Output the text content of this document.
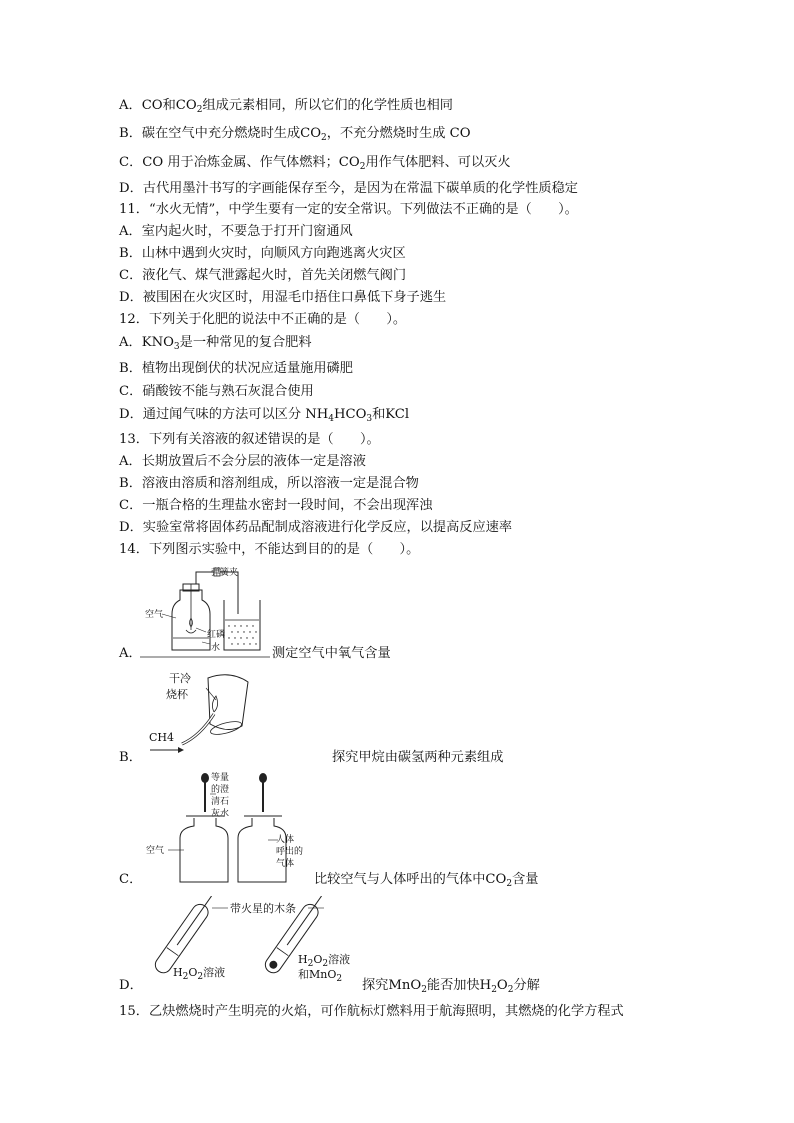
A．CO和$CO_2$组成元素相同，所以它们的化学性质也相同
B．碳在空气中充分燃烧时生成$CO_2$，不充分燃烧时生成 CO
C．CO 用于冶炼金属、作气体燃料；$CO_2$用作气体肥料、可以灭火
D．古代用墨汁书写的字画能保存至今，是因为在常温下碳单质的化学性质稳定
11．“水火无情”，中学生要有一定的安全常识。下列做法不正确的是（　　）。
A．室内起火时，不要急于打开门窗通风
B．山林中遇到火灾时，向顺风方向跑逃离火灾区
C．液化气、煤气泄露起火时，首先关闭燃气阀门
D．被围困在火灾区时，用湿毛巾捂住口鼻低下身子逃生
12．下列关于化肥的说法中不正确的是（　　）。
A．$KNO_3$是一种常见的复合肥料
B．植物出现倒伏的状况应适量施用磷肥
C．硝酸铵不能与熟石灰混合使用
D．通过闻气味的方法可以区分 $NH_4HCO_3$和KCl
13．下列有关溶液的叙述错误的是（　　）。
A．长期放置后不会分层的液体一定是溶液
B．溶液由溶质和溶剂组成，所以溶液一定是混合物
C．一瓶合格的生理盐水密封一段时间，不会出现浑浊
D．实验室常将固体药品配制成溶液进行化学反应，以提高反应速率
14．下列图示实验中，不能达到目的的是（　　）。
A．
弹簧夹
空气
红磷
水	测定空气中氧气含量
B．
干冷
烧杯
CH4
探究甲烷由碳氢两种元素组成
C．
等量
的澄
清石
灰水
空气
人体
呼出的
气体
比较空气与人体呼出的气体中$CO_2$含量
D．
带火星的木条
$H_2O_2$溶液
$H_2O_2$溶液
和MnO$_2$	探究MnO$_2$能否加快$H_2O_2$分解
15．乙炔燃烧时产生明亮的火焰，可作航标灯燃料用于航海照明，其燃烧的化学方程式
